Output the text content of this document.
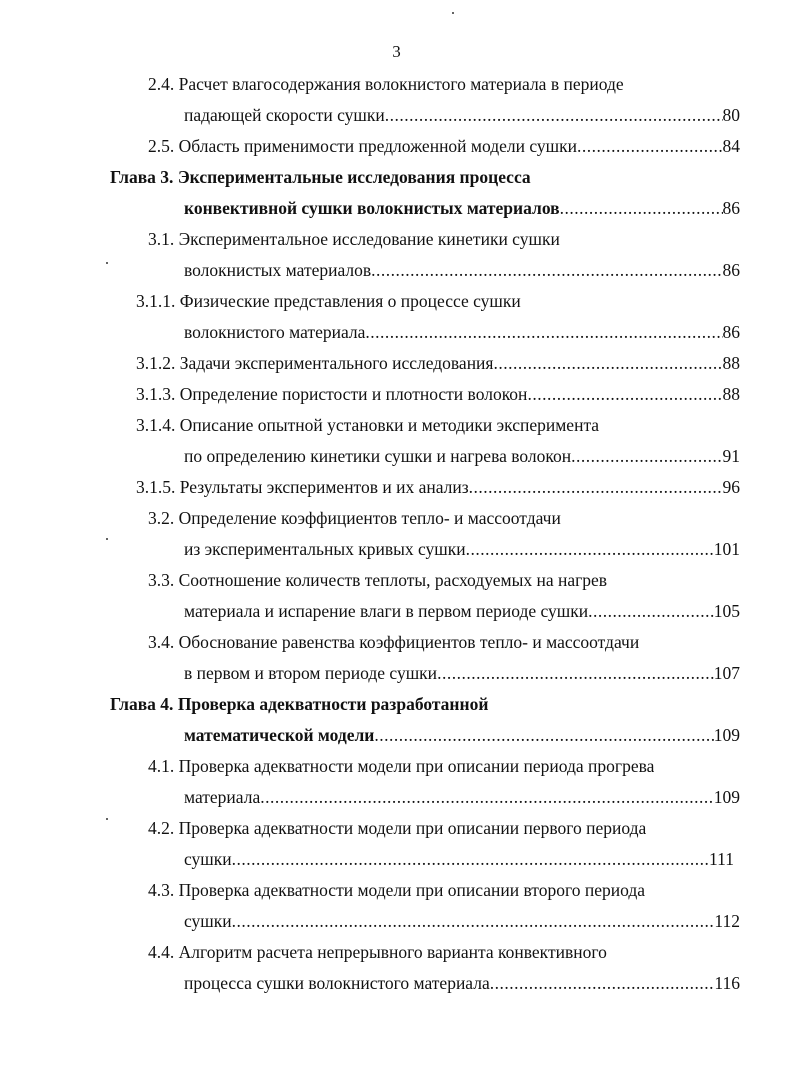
3
2.4. Расчет влагосодержания волокнистого материала в периоде
падающей скорости сушки .....	80
2.5. Область применимости предложенной модели сушки .....	84
Глава 3. Экспериментальные исследования процесса
конвективной сушки волокнистых материалов .....	86
3.1. Экспериментальное исследование кинетики сушки
волокнистых материалов .....	86
3.1.1. Физические представления о процессе сушки
волокнистого материала .....	86
3.1.2. Задачи экспериментального исследования .....	88
3.1.3. Определение пористости и плотности волокон .....	88
3.1.4. Описание опытной установки и методики эксперимента
по определению кинетики сушки и нагрева волокон .....	91
3.1.5. Результаты экспериментов и их анализ .....	96
3.2. Определение коэффициентов тепло- и массоотдачи
из экспериментальных кривых сушки .....	101
3.3. Соотношение количеств теплоты, расходуемых на нагрев
материала и испарение влаги в первом периоде сушки .....	105
3.4. Обоснование равенства коэффициентов тепло- и массоотдачи
в первом и втором периоде сушки .....	107
Глава 4. Проверка адекватности разработанной
математической модели .....	109
4.1. Проверка адекватности модели при описании периода прогрева
материала .....	109
4.2. Проверка адекватности модели при описании первого периода
сушки .....	111
4.3. Проверка адекватности модели при описании второго периода
сушки .....	112
4.4. Алгоритм расчета непрерывного варианта конвективного
процесса сушки волокнистого материала .....	116
